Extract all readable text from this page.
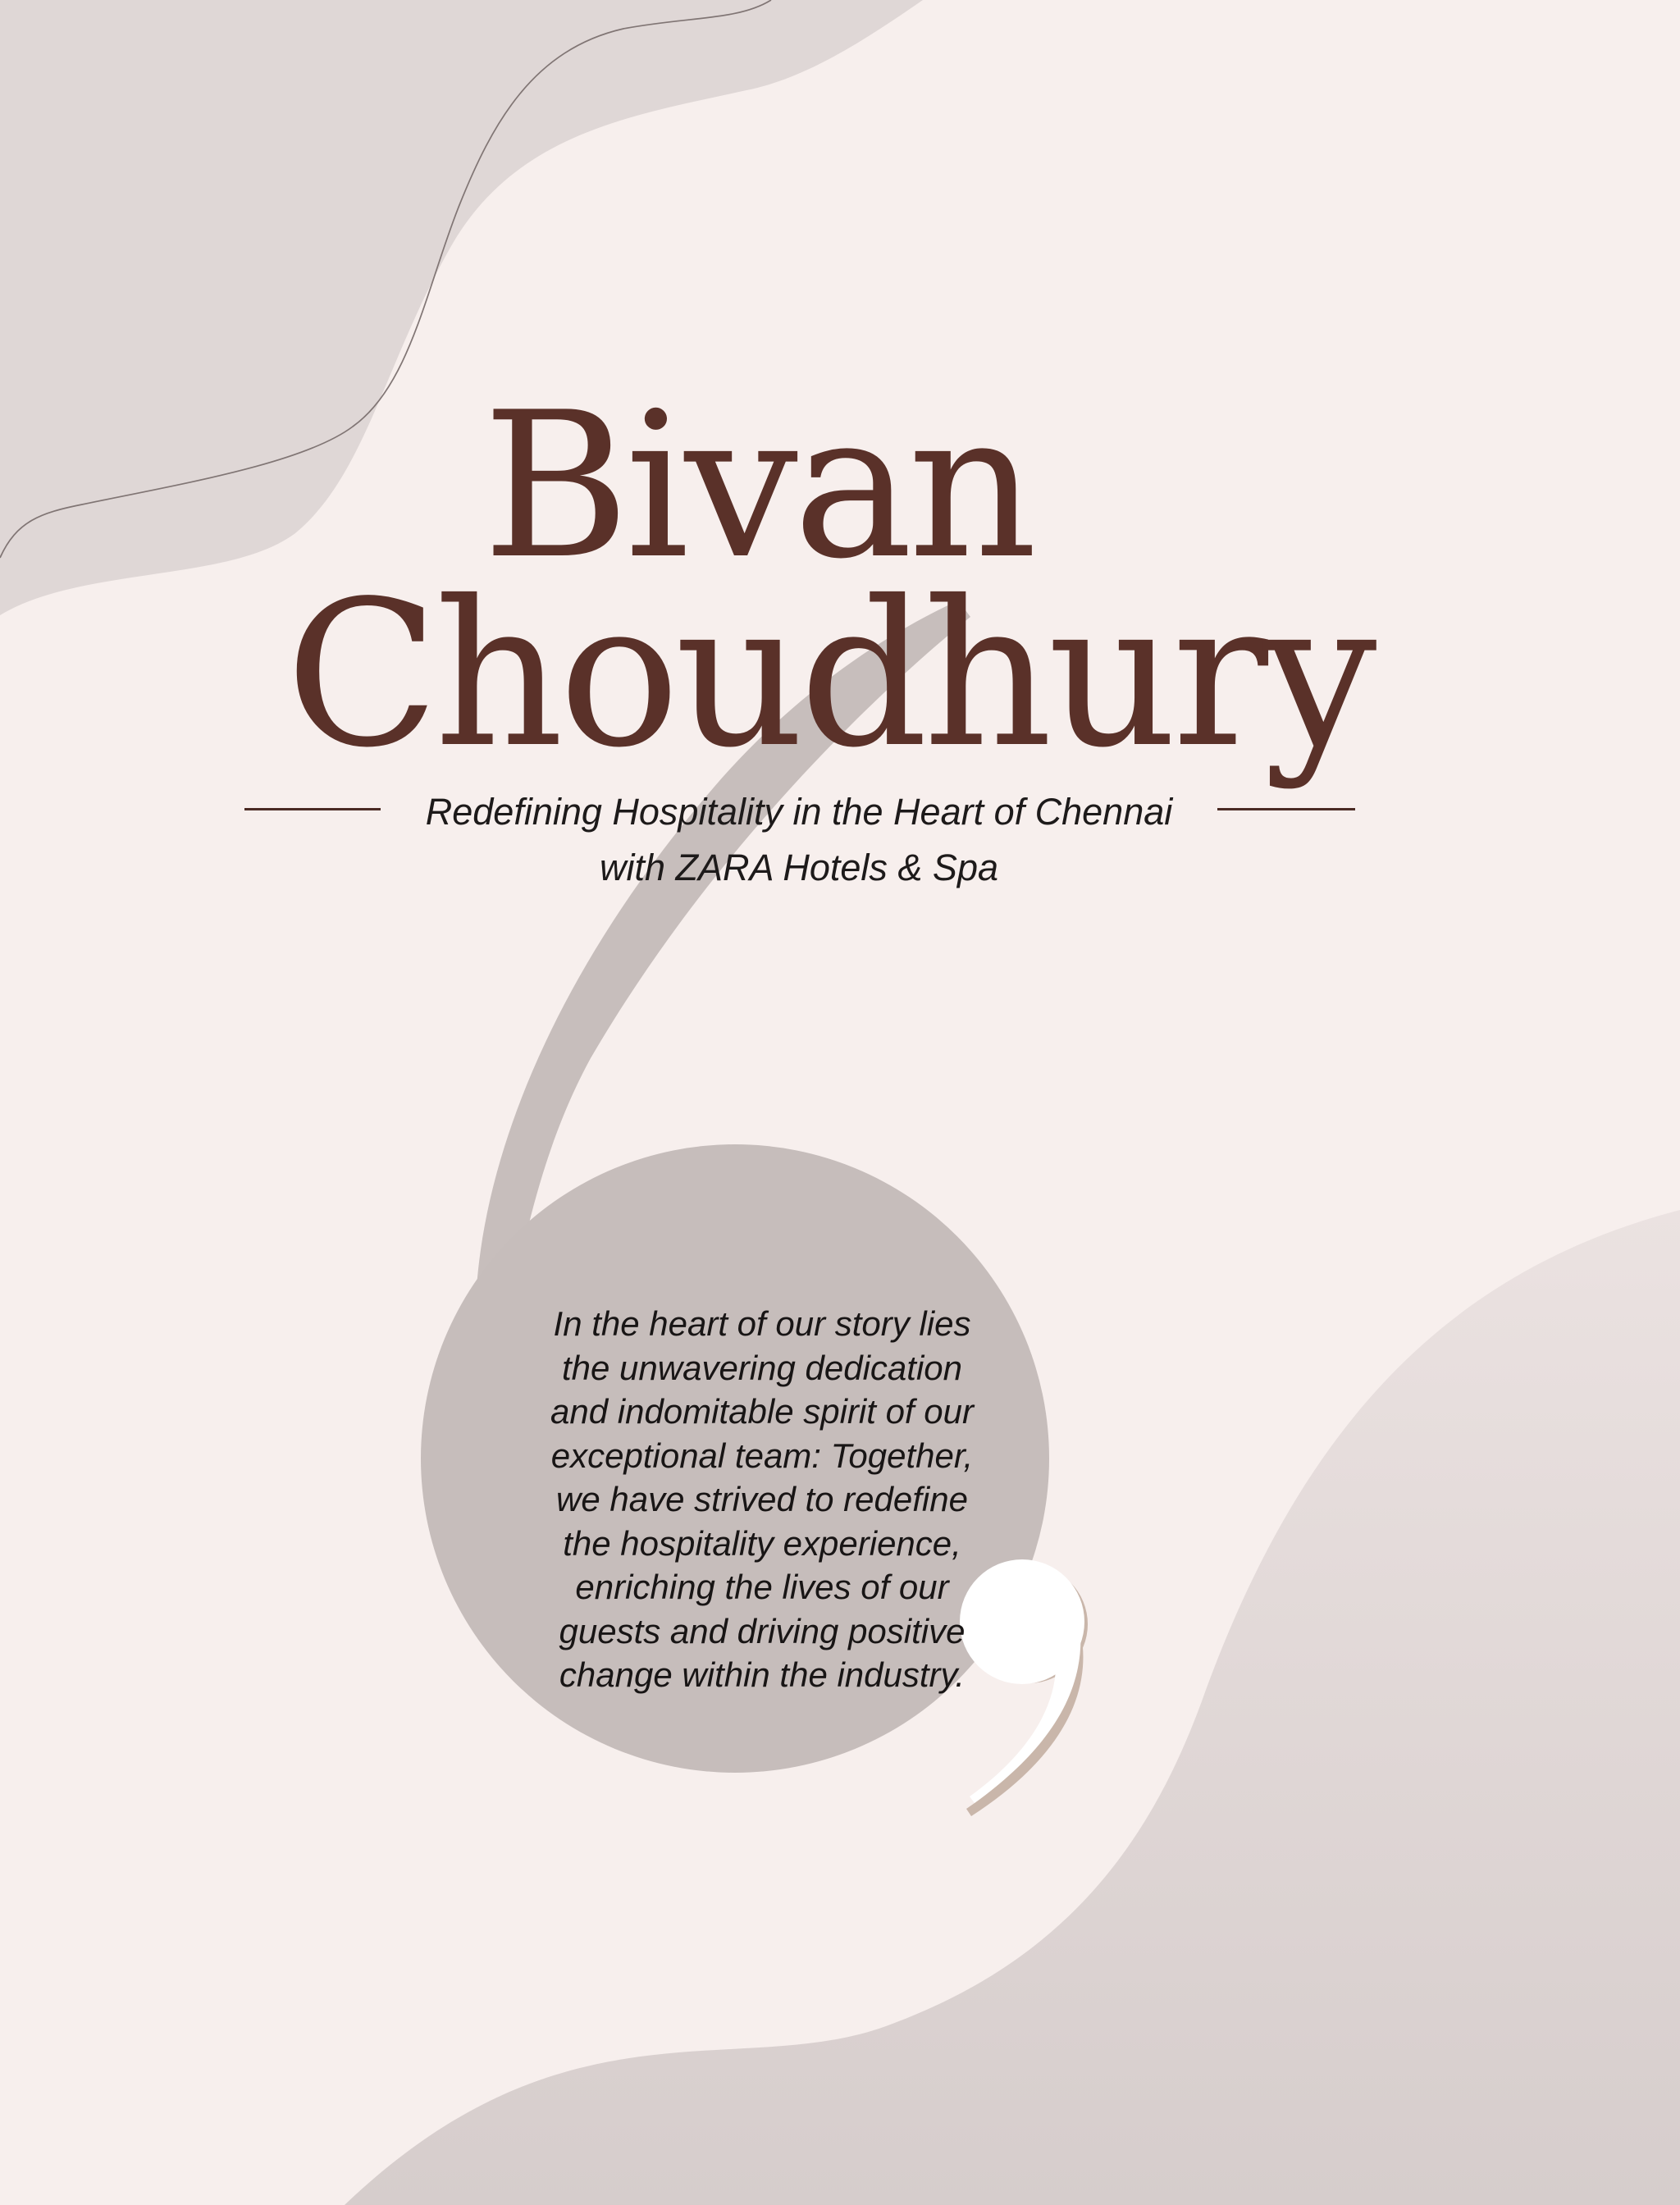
Bivan
Choudhury
Redefining Hospitality in the Heart of Chennai
with ZARA Hotels & Spa
In the heart of our story lies
the unwavering dedication
and indomitable spirit of our
exceptional team: Together,
we have strived to redefine
the hospitality experience,
enriching the lives of our
guests and driving positive
change within the industry.
